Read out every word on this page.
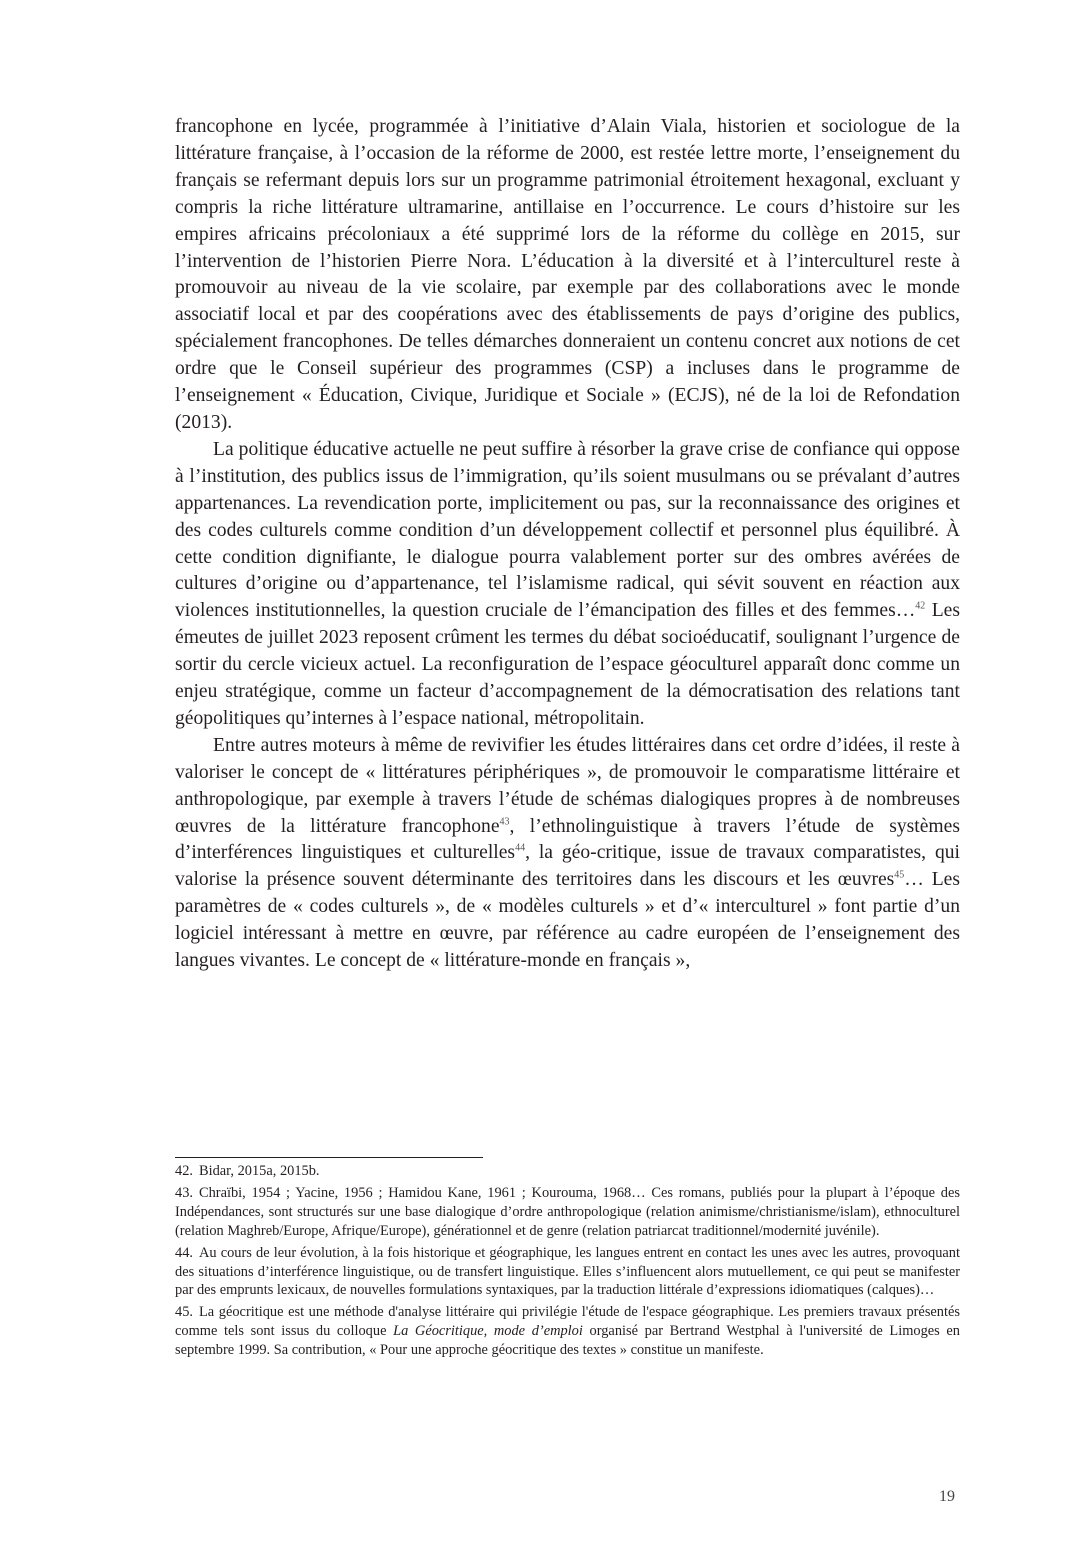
francophone en lycée, programmée à l’initiative d’Alain Viala, historien et sociologue de la littérature française, à l’occasion de la réforme de 2000, est restée lettre morte, l’enseignement du français se refermant depuis lors sur un programme patrimonial étroitement hexagonal, excluant y compris la riche littérature ultramarine, antillaise en l’occurrence. Le cours d’histoire sur les empires africains précoloniaux a été supprimé lors de la réforme du collège en 2015, sur l’intervention de l’historien Pierre Nora. L’éducation à la diversité et à l’interculturel reste à promouvoir au niveau de la vie scolaire, par exemple par des collaborations avec le monde associatif local et par des coopérations avec des établissements de pays d’origine des publics, spécialement francophones. De telles démarches donneraient un contenu concret aux notions de cet ordre que le Conseil supérieur des programmes (CSP) a incluses dans le programme de l’enseignement « Éducation, Civique, Juridique et Sociale » (ECJS), né de la loi de Refondation (2013).

La politique éducative actuelle ne peut suffire à résorber la grave crise de confiance qui oppose à l’institution, des publics issus de l’immigration, qu’ils soient musulmans ou se prévalant d’autres appartenances. La revendication porte, implicitement ou pas, sur la reconnaissance des origines et des codes culturels comme condition d’un développement collectif et personnel plus équilibré. À cette condition dignifiante, le dialogue pourra valablement porter sur des ombres avérées de cultures d’origine ou d’appartenance, tel l’islamisme radical, qui sévit souvent en réaction aux violences institutionnelles, la question cruciale de l’émancipation des filles et des femmes…$^{42}$ Les émeutes de juillet 2023 reposent crûment les termes du débat socioéducatif, soulignant l’urgence de sortir du cercle vicieux actuel. La reconfiguration de l’espace géoculturel apparaît donc comme un enjeu stratégique, comme un facteur d’accompagnement de la démocratisation des relations tant géopolitiques qu’internes à l’espace national, métropolitain.

Entre autres moteurs à même de revivifier les études littéraires dans cet ordre d’idées, il reste à valoriser le concept de « littératures périphériques », de promouvoir le comparatisme littéraire et anthropologique, par exemple à travers l’étude de schémas dialogiques propres à de nombreuses œuvres de la littérature francophone$^{43}$, l’ethnolinguistique à travers l’étude de systèmes d’interférences linguistiques et culturelles$^{44}$, la géo-critique, issue de travaux comparatistes, qui valorise la présence souvent déterminante des territoires dans les discours et les œuvres$^{45}$… Les paramètres de « codes culturels », de « modèles culturels » et d’« interculturel » font partie d’un logiciel intéressant à mettre en œuvre, par référence au cadre européen de l’enseignement des langues vivantes. Le concept de « littérature-monde en français »,

42. Bidar, 2015a, 2015b.
43. Chraïbi, 1954 ; Yacine, 1956 ; Hamidou Kane, 1961 ; Kourouma, 1968… Ces romans, publiés pour la plupart à l’époque des Indépendances, sont structurés sur une base dialogique d’ordre anthropologique (relation animisme/christianisme/islam), ethnoculturel (relation Maghreb/Europe, Afrique/Europe), générationnel et de genre (relation patriarcat traditionnel/modernité juvénile).
44. Au cours de leur évolution, à la fois historique et géographique, les langues entrent en contact les unes avec les autres, provoquant des situations d’interférence linguistique, ou de transfert linguistique. Elles s’influencent alors mutuellement, ce qui peut se manifester par des emprunts lexicaux, de nouvelles formulations syntaxiques, par la traduction littérale d’expressions idiomatiques (calques)…
45. La géocritique est une méthode d'analyse littéraire qui privilégie l'étude de l'espace géographique. Les premiers travaux présentés comme tels sont issus du colloque La Géocritique, mode d’emploi organisé par Bertrand Westphal à l'université de Limoges en septembre 1999. Sa contribution, « Pour une approche géocritique des textes » constitue un manifeste.
19
